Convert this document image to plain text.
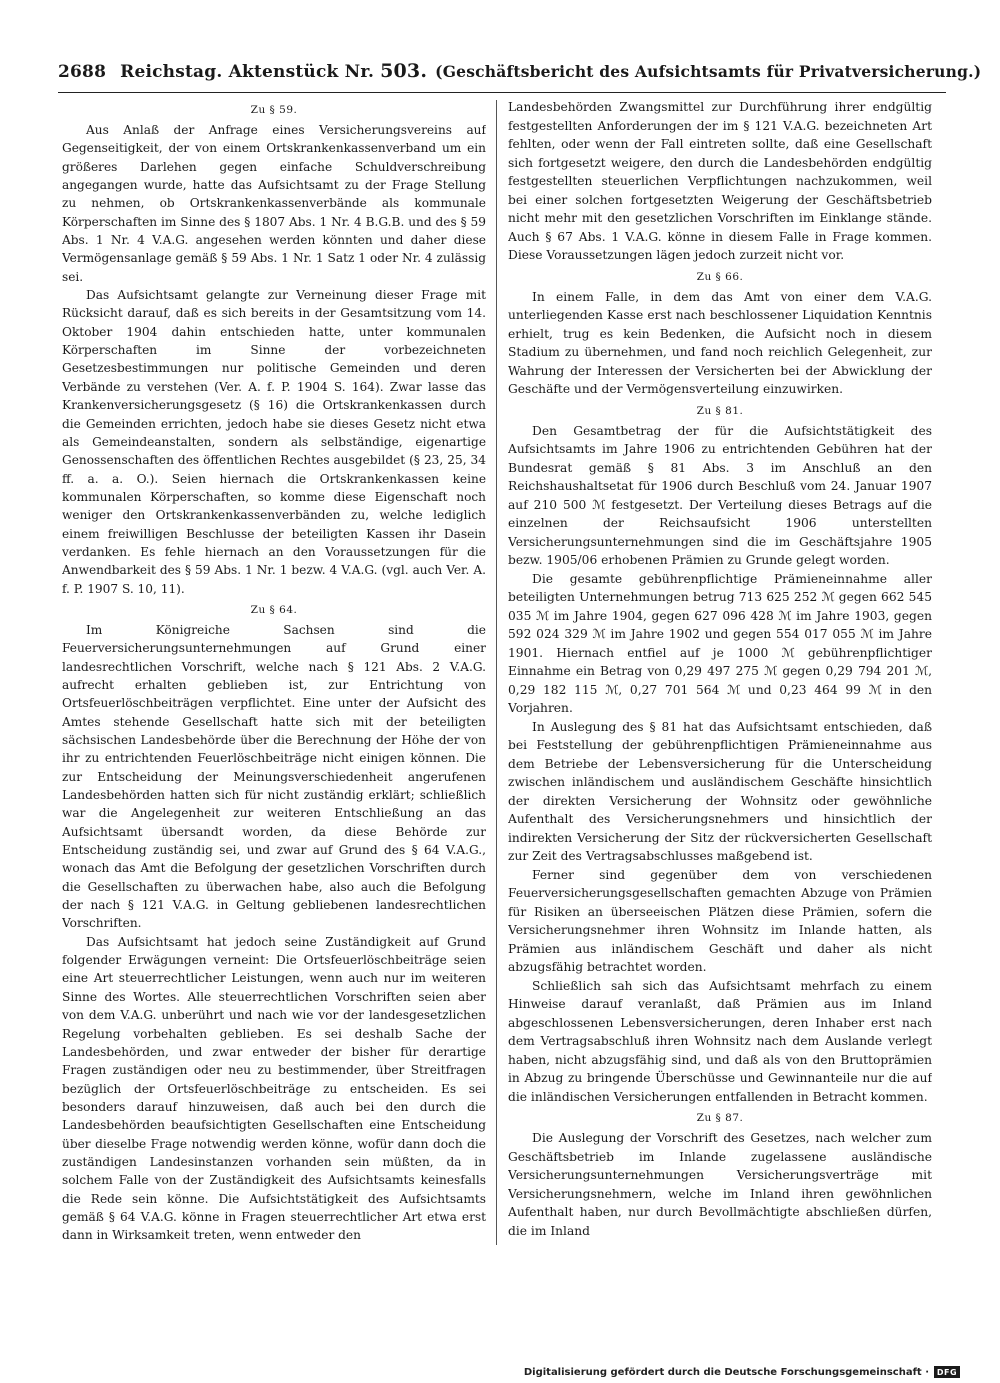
2688 Reichstag. Aktenstück Nr. 503. (Geschäftsbericht des Aufsichtsamts für Privatversicherung.)
Zu § 59.

Aus Anlaß der Anfrage eines Versicherungsvereins auf Gegenseitigkeit, der von einem Ortskrankenkassenverband um ein größeres Darlehen gegen einfache Schuldverschreibung angegangen wurde, hatte das Aufsichtsamt zu der Frage Stellung zu nehmen, ob Ortskrankenkassenverbände als kommunale Körperschaften im Sinne des § 1807 Abs. 1 Nr. 4 B.G.B. und des § 59 Abs. 1 Nr. 4 V.A.G. angesehen werden könnten und daher diese Vermögensanlage gemäß § 59 Abs. 1 Nr. 1 Satz 1 oder Nr. 4 zulässig sei.

Das Aufsichtsamt gelangte zur Verneinung dieser Frage mit Rücksicht darauf, daß es sich bereits in der Gesamtsitzung vom 14. Oktober 1904 dahin entschieden hatte, unter kommunalen Körperschaften im Sinne der vorbezeichneten Gesetzesbestimmungen nur politische Gemeinden und deren Verbände zu verstehen (Ver. A. f. P. 1904 S. 164). Zwar lasse das Krankenversicherungsgesetz (§ 16) die Ortskrankenkassen durch die Gemeinden errichten, jedoch habe sie dieses Gesetz nicht etwa als Gemeindeanstalten, sondern als selbständige, eigenartige Genossenschaften des öffentlichen Rechtes ausgebildet (§ 23, 25, 34 ff. a. a. O.). Seien hiernach die Ortskrankenkassen keine kommunalen Körperschaften, so komme diese Eigenschaft noch weniger den Ortskrankenkassenverbänden zu, welche lediglich einem freiwilligen Beschlusse der beteiligten Kassen ihr Dasein verdanken. Es fehle hiernach an den Voraussetzungen für die Anwendbarkeit des § 59 Abs. 1 Nr. 1 bezw. 4 V.A.G. (vgl. auch Ver. A. f. P. 1907 S. 10, 11).

Zu § 64.

Im Königreiche Sachsen sind die Feuerversicherungsunternehmungen auf Grund einer landesrechtlichen Vorschrift, welche nach § 121 Abs. 2 V.A.G. aufrecht erhalten geblieben ist, zur Entrichtung von Ortsfeuerlöschbeiträgen verpflichtet. Eine unter der Aufsicht des Amtes stehende Gesellschaft hatte sich mit der beteiligten sächsischen Landesbehörde über die Berechnung der Höhe der von ihr zu entrichtenden Feuerlöschbeiträge nicht einigen können. Die zur Entscheidung der Meinungsverschiedenheit angerufenen Landesbehörden hatten sich für nicht zuständig erklärt; schließlich war die Angelegenheit zur weiteren Entschließung an das Aufsichtsamt übersandt worden, da diese Behörde zur Entscheidung zuständig sei, und zwar auf Grund des § 64 V.A.G., wonach das Amt die Befolgung der gesetzlichen Vorschriften durch die Gesellschaften zu überwachen habe, also auch die Befolgung der nach § 121 V.A.G. in Geltung gebliebenen landesrechtlichen Vorschriften.

Das Aufsichtsamt hat jedoch seine Zuständigkeit auf Grund folgender Erwägungen verneint: Die Ortsfeuerlöschbeiträge seien eine Art steuerrechtlicher Leistungen, wenn auch nur im weiteren Sinne des Wortes. Alle steuerrechtlichen Vorschriften seien aber von dem V.A.G. unberührt und nach wie vor der landesgesetzlichen Regelung vorbehalten geblieben. Es sei deshalb Sache der Landesbehörden, und zwar entweder der bisher für derartige Fragen zuständigen oder neu zu bestimmender, über Streitfragen bezüglich der Ortsfeuerlöschbeiträge zu entscheiden. Es sei besonders darauf hinzuweisen, daß auch bei den durch die Landesbehörden beaufsichtigten Gesellschaften eine Entscheidung über dieselbe Frage notwendig werden könne, wofür dann doch die zuständigen Landesinstanzen vorhanden sein müßten, da in solchem Falle von der Zuständigkeit des Aufsichtsamts keinesfalls die Rede sein könne. Die Aufsichtstätigkeit des Aufsichtsamts gemäß § 64 V.A.G. könne in Fragen steuerrechtlicher Art etwa erst dann in Wirksamkeit treten, wenn entweder den

Landesbehörden Zwangsmittel zur Durchführung ihrer endgültig festgestellten Anforderungen der im § 121 V.A.G. bezeichneten Art fehlten, oder wenn der Fall eintreten sollte, daß eine Gesellschaft sich fortgesetzt weigere, den durch die Landesbehörden endgültig festgestellten steuerlichen Verpflichtungen nachzukommen, weil bei einer solchen fortgesetzten Weigerung der Geschäftsbetrieb nicht mehr mit den gesetzlichen Vorschriften im Einklange stände. Auch § 67 Abs. 1 V.A.G. könne in diesem Falle in Frage kommen. Diese Voraussetzungen lägen jedoch zurzeit nicht vor.

Zu § 66.

In einem Falle, in dem das Amt von einer dem V.A.G. unterliegenden Kasse erst nach beschlossener Liquidation Kenntnis erhielt, trug es kein Bedenken, die Aufsicht noch in diesem Stadium zu übernehmen, und fand noch reichlich Gelegenheit, zur Wahrung der Interessen der Versicherten bei der Abwicklung der Geschäfte und der Vermögensverteilung einzuwirken.

Zu § 81.

Den Gesamtbetrag der für die Aufsichtstätigkeit des Aufsichtsamts im Jahre 1906 zu entrichtenden Gebühren hat der Bundesrat gemäß § 81 Abs. 3 im Anschluß an den Reichshaushaltsetat für 1906 durch Beschluß vom 24. Januar 1907 auf 210 500 ℳ festgesetzt. Der Verteilung dieses Betrags auf die einzelnen der Reichsaufsicht 1906 unterstellten Versicherungsunternehmungen sind die im Geschäftsjahre 1905 bezw. 1905/06 erhobenen Prämien zu Grunde gelegt worden.

Die gesamte gebührenpflichtige Prämieneinnahme aller beteiligten Unternehmungen betrug 713 625 252 ℳ gegen 662 545 035 ℳ im Jahre 1904, gegen 627 096 428 ℳ im Jahre 1903, gegen 592 024 329 ℳ im Jahre 1902 und gegen 554 017 055 ℳ im Jahre 1901. Hiernach entfiel auf je 1000 ℳ gebührenpflichtiger Einnahme ein Betrag von 0,29 497 275 ℳ gegen 0,29 794 201 ℳ, 0,29 182 115 ℳ, 0,27 701 564 ℳ und 0,23 464 99 ℳ in den Vorjahren.

In Auslegung des § 81 hat das Aufsichtsamt entschieden, daß bei Feststellung der gebührenpflichtigen Prämieneinnahme aus dem Betriebe der Lebensversicherung für die Unterscheidung zwischen inländischem und ausländischem Geschäfte hinsichtlich der direkten Versicherung der Wohnsitz oder gewöhnliche Aufenthalt des Versicherungsnehmers und hinsichtlich der indirekten Versicherung der Sitz der rückversicherten Gesellschaft zur Zeit des Vertragsabschlusses maßgebend ist.

Ferner sind gegenüber dem von verschiedenen Feuerversicherungsgesellschaften gemachten Abzuge von Prämien für Risiken an überseeischen Plätzen diese Prämien, sofern die Versicherungsnehmer ihren Wohnsitz im Inlande hatten, als Prämien aus inländischem Geschäft und daher als nicht abzugsfähig betrachtet worden.

Schließlich sah sich das Aufsichtsamt mehrfach zu einem Hinweise darauf veranlaßt, daß Prämien aus im Inland abgeschlossenen Lebensversicherungen, deren Inhaber erst nach dem Vertragsabschluß ihren Wohnsitz nach dem Auslande verlegt haben, nicht abzugsfähig sind, und daß als von den Bruttoprämien in Abzug zu bringende Überschüsse und Gewinnanteile nur die auf die inländischen Versicherungen entfallenden in Betracht kommen.

Zu § 87.

Die Auslegung der Vorschrift des Gesetzes, nach welcher zum Geschäftsbetrieb im Inlande zugelassene ausländische Versicherungsunternehmungen Versicherungsverträge mit Versicherungsnehmern, welche im Inland ihren gewöhnlichen Aufenthalt haben, nur durch Bevollmächtigte abschließen dürfen, die im Inland

Digitalisierung gefördert durch die Deutsche Forschungsgemeinschaft · DFG
